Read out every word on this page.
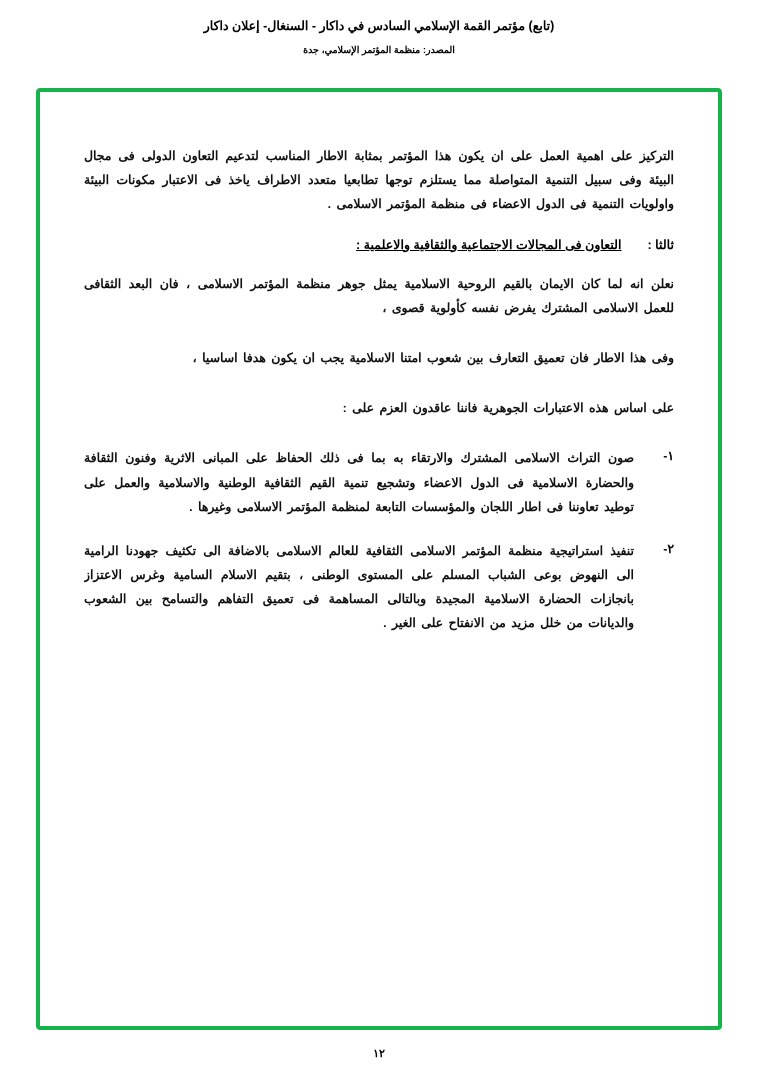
(تابع) مؤتمر القمة الإسلامي السادس في داكار - السنغال- إعلان داكار
المصدر: منظمة المؤتمر الإسلامي، جدة

التركيز على اهمية العمل على ان يكون هذا المؤتمر بمثابة الاطار المناسب لتدعيم التعاون الدولى فى مجال البيئة وفى سبيل التنمية المتواصلة مما يستلزم توجها تطابعيا متعدد الاطراف ياخذ فى الاعتبار مكونات البيئة واولويات التنمية فى الدول الاعضاء فى منظمة المؤتمر الاسلامى .

ثالثا :
التعاون فى المجالات الاجتماعية والثقافية والاعلمية :

نعلن انه لما كان الايمان بالقيم الروحية الاسلامية يمثل جوهر منظمة المؤتمر الاسلامى ، فان البعد الثقافى للعمل الاسلامى المشترك يفرض نفسه كأولوية قصوى ،

وفى هذا الاطار فان تعميق التعارف بين شعوب امتنا الاسلامية يجب ان يكون هدفا اساسيا ،

على اساس هذه الاعتبارات الجوهرية فاننا عاقدون العزم على :

١-
صون التراث الاسلامى المشترك والارتقاء به بما فى ذلك الحفاظ على المبانى الاثرية وفنون الثقافة والحضارة الاسلامية فى الدول الاعضاء وتشجيع تنمية القيم الثقافية الوطنية والاسلامية والعمل على توطيد تعاوننا فى اطار اللجان والمؤسسات التابعة لمنظمة المؤتمر الاسلامى وغيرها .
٢-
تنفيذ استراتيجية منظمة المؤتمر الاسلامى الثقافية للعالم الاسلامى بالاضافة الى تكثيف جهودنا الرامية الى النهوض بوعى الشباب المسلم على المستوى الوطنى ، بتقيم الاسلام السامية وغرس الاعتزاز بانجازات الحضارة الاسلامية المجيدة وبالتالى المساهمة فى تعميق التفاهم والتسامح بين الشعوب والديانات من خلل مزيد من الانفتاح على الغير .
١٢
